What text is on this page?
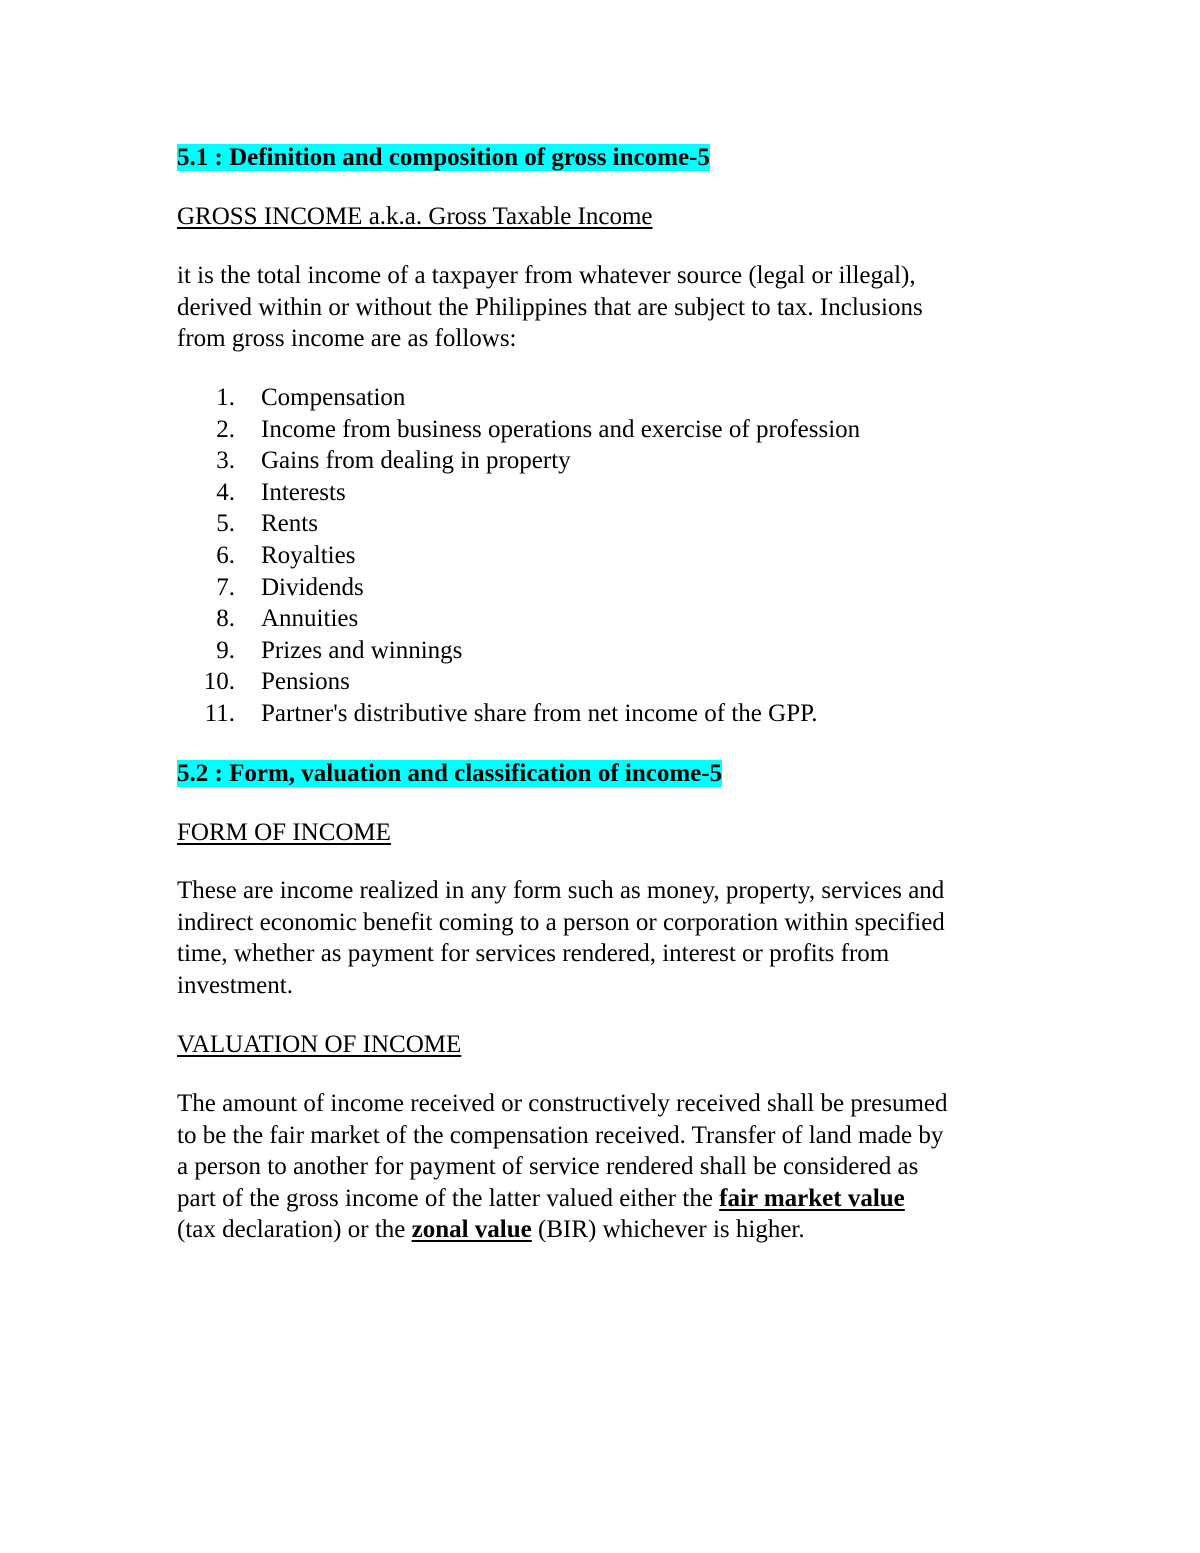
5.1 : Definition and composition of gross income-5

GROSS INCOME a.k.a. Gross Taxable Income

it is the total income of a taxpayer from whatever source (legal or illegal),
derived within or without the Philippines that are subject to tax. Inclusions
from gross income are as follows:
1.	Compensation
2.	Income from business operations and exercise of profession
3.	Gains from dealing in property
4.	Interests
5.	Rents
6.	Royalties
7.	Dividends
8.	Annuities
9.	Prizes and winnings
10.	Pensions
11.	Partner's distributive share from net income of the GPP.

5.2 : Form, valuation and classification of income-5

FORM OF INCOME

These are income realized in any form such as money, property, services and
indirect economic benefit coming to a person or corporation within specified
time, whether as payment for services rendered, interest or profits from
investment.

VALUATION OF INCOME

The amount of income received or constructively received shall be presumed
to be the fair market of the compensation received. Transfer of land made by
a person to another for payment of service rendered shall be considered as
part of the gross income of the latter valued either the fair market value
(tax declaration) or the zonal value (BIR) whichever is higher.
